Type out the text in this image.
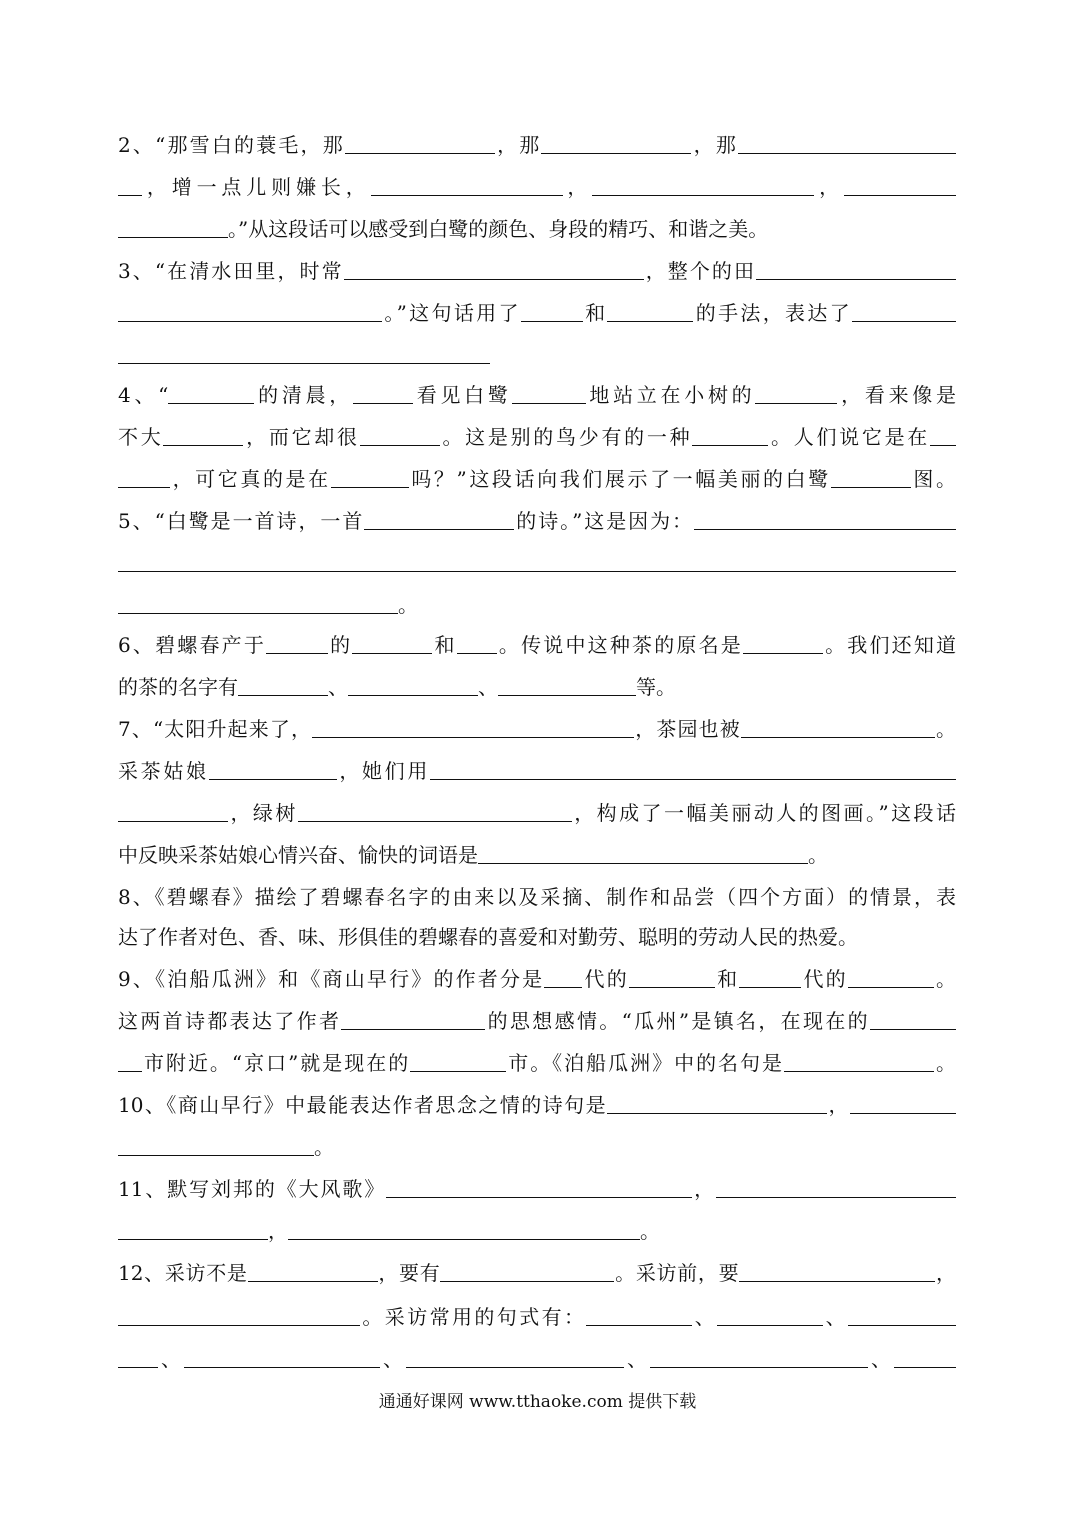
2、“那雪白的蓑毛，那	，那	，那
，增一点儿则嫌长，	，	，
。”从这段话可以感受到白鹭的颜色、身段的精巧、和谐之美。
3、“在清水田里，时常	，整个的田
。”这句话用了	和	的手法，表达了
4、“	的清晨，	看见白鹭	地站立在小树的	，看来像是
不大	，而它却很	。这是别的鸟少有的一种	。人们说它是在
，可它真的是在	吗？”这段话向我们展示了一幅美丽的白鹭	图。
5、“白鹭是一首诗，一首	的诗。”这是因为：
。
6、碧螺春产于	的	和 。传说中这种茶的原名是	。我们还知道
的茶的名字有	、	、	等。
7、“太阳升起来了，	，茶园也被	。
采茶姑娘	，她们用
，绿树	，构成了一幅美丽动人的图画。”这段话
中反映采茶姑娘心情兴奋、愉快的词语是	。
8、《碧螺春》描绘了碧螺春名字的由来以及采摘、制作和品尝（四个方面）的情景，表
达了作者对色、香、味、形俱佳的碧螺春的喜爱和对勤劳、聪明的劳动人民的热爱。
9、《泊船瓜洲》和《商山早行》的作者分是 代的	和	代的	。
这两首诗都表达了作者	的思想感情。“瓜州”是镇名，在现在的
市附近。“京口”就是现在的	市。《泊船瓜洲》中的名句是	。
10、《商山早行》中最能表达作者思念之情的诗句是	，
。
11、默写刘邦的《大风歌》	，
，	。
12、采访不是	，要有	。采访前，要	，
。采访常用的句式有：	、	、
、	、	、	、
通通好课网 www.tthaoke.com 提供下载
